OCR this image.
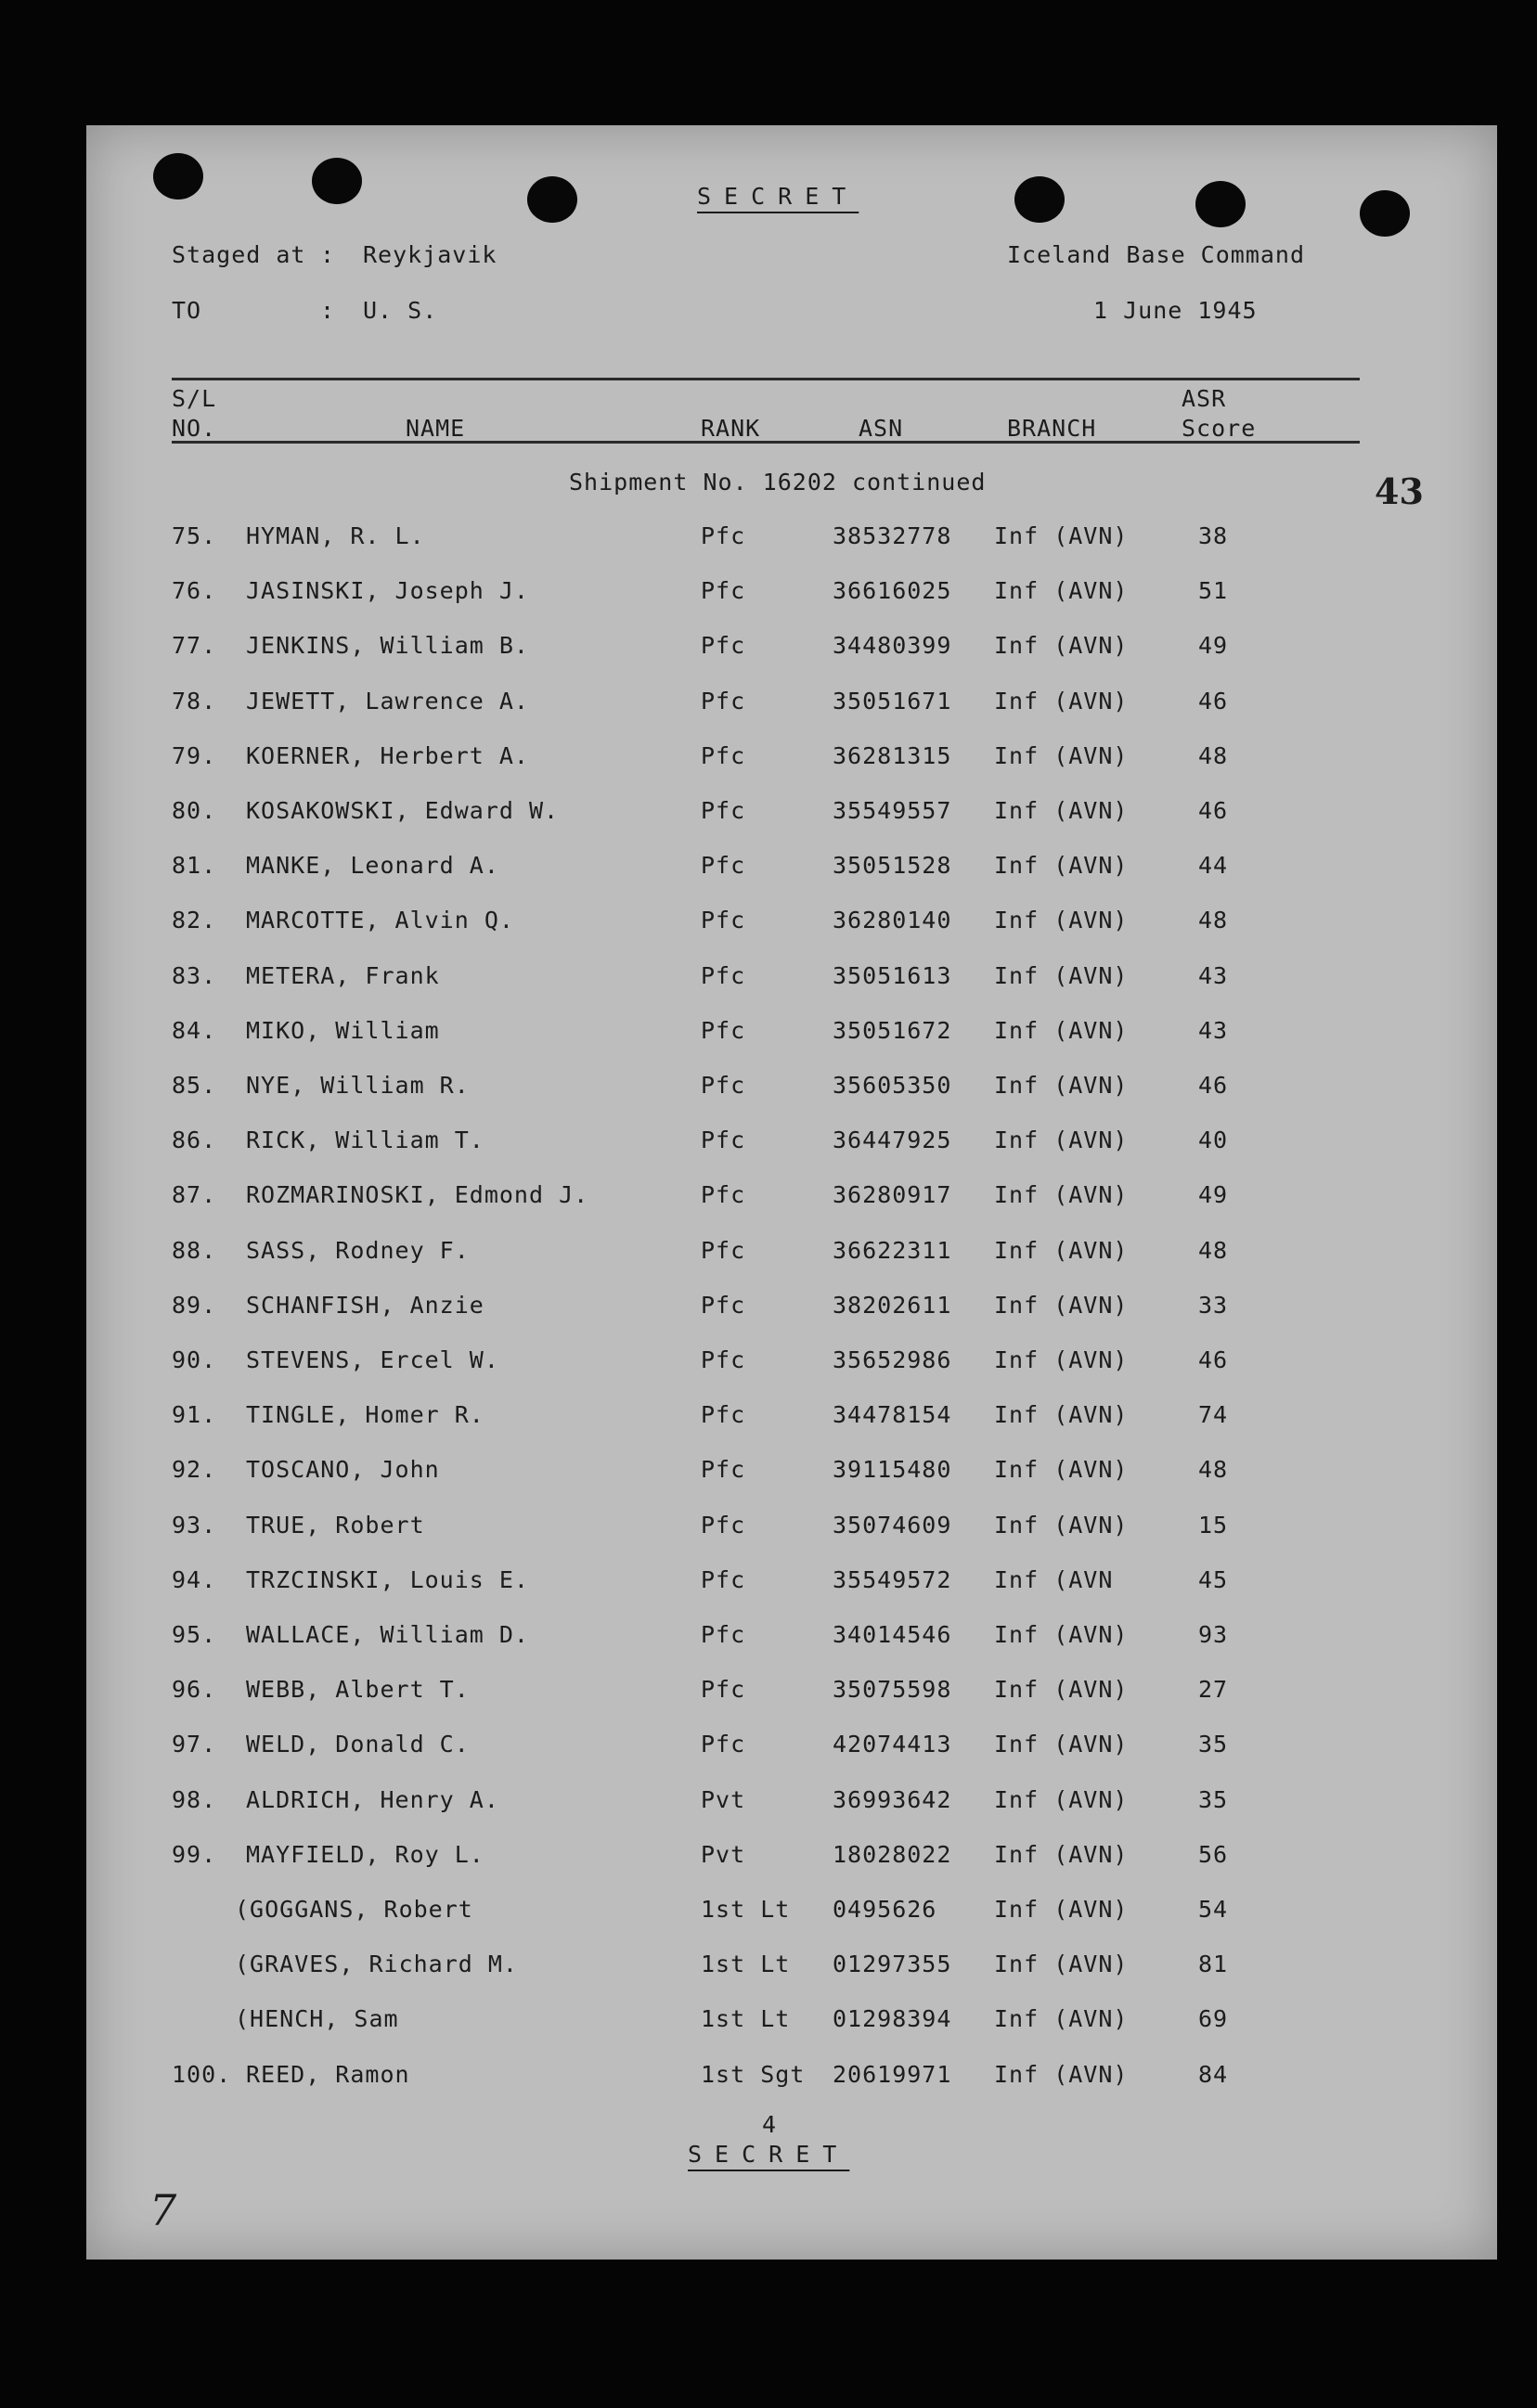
SECRET
Staged at : Reykjavik	Iceland Base Command
TO	: U. S.	1 June 1945
S/L
NO.	NAME	RANK	ASN	BRANCH
ASR
Score
Shipment No. 16202 continued	43
75. HYMAN, R. L.	Pfc	38532778 Inf (AVN)	38
76. JASINSKI, Joseph J.	Pfc	36616025 Inf (AVN)	51
77. JENKINS, William B.	Pfc	34480399 Inf (AVN)	49
78. JEWETT, Lawrence A.	Pfc	35051671 Inf (AVN)	46
79. KOERNER, Herbert A.	Pfc	36281315 Inf (AVN)	48
80. KOSAKOWSKI, Edward W.	Pfc	35549557 Inf (AVN)	46
81. MANKE, Leonard A.	Pfc	35051528 Inf (AVN)	44
82. MARCOTTE, Alvin Q.	Pfc	36280140 Inf (AVN)	48
83. METERA, Frank	Pfc	35051613 Inf (AVN)	43
84. MIKO, William	Pfc	35051672 Inf (AVN)	43
85. NYE, William R.	Pfc	35605350 Inf (AVN)	46
86. RICK, William T.	Pfc	36447925 Inf (AVN)	40
87. ROZMARINOSKI, Edmond J.	Pfc	36280917 Inf (AVN)	49
88. SASS, Rodney F.	Pfc	36622311 Inf (AVN)	48
89. SCHANFISH, Anzie	Pfc	38202611 Inf (AVN)	33
90. STEVENS, Ercel W.	Pfc	35652986 Inf (AVN)	46
91. TINGLE, Homer R.	Pfc	34478154 Inf (AVN)	74
92. TOSCANO, John	Pfc	39115480 Inf (AVN)	48
93. TRUE, Robert	Pfc	35074609 Inf (AVN)	15
94. TRZCINSKI, Louis E.	Pfc	35549572 Inf (AVN	45
95. WALLACE, William D.	Pfc	34014546 Inf (AVN)	93
96. WEBB, Albert T.	Pfc	35075598 Inf (AVN)	27
97. WELD, Donald C.	Pfc	42074413 Inf (AVN)	35
98. ALDRICH, Henry A.	Pvt	36993642 Inf (AVN)	35
99. MAYFIELD, Roy L.	Pvt	18028022 Inf (AVN)	56
(GOGGANS, Robert	1st Lt 0495626 Inf (AVN)	54
(GRAVES, Richard M.	1st Lt 01297355 Inf (AVN)	81
(HENCH, Sam	1st Lt 01298394 Inf (AVN)	69
100. REED, Ramon	1st Sgt 20619971 Inf (AVN)	84
4
SECRET
7
